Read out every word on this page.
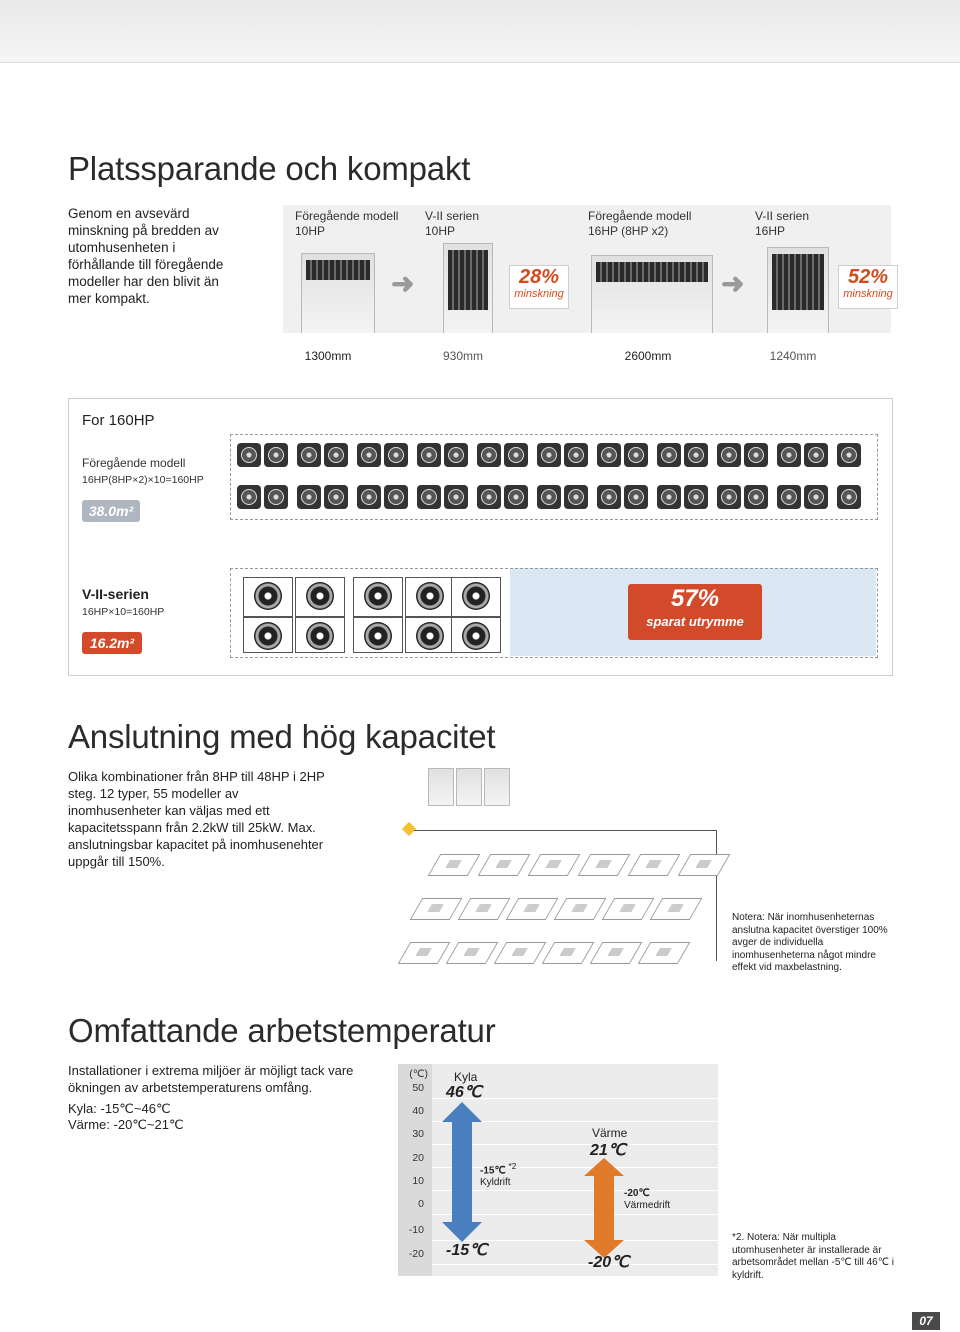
Platssparande och kompakt
Genom en avsevärd minskning på bredden av utomhusenheten i förhållande till föregående modeller har den blivit än mer kompakt.
Föregående modell
10HP
➜
V-II serien
10HP
28%
minskning
Föregående modell
16HP (8HP x2)
➜
V-II serien
16HP
52%
minskning
1300mm	930mm	2600mm	1240mm
For 160HP
Föregående modell
16HP(8HP×2)×10=160HP
38.0m²
V-II-serien
16HP×10=160HP
16.2m²
57%
sparat utrymme
Anslutning med hög kapacitet
Olika kombinationer från 8HP till 48HP i 2HP steg. 12 typer, 55 modeller av inomhusenheter kan väljas med ett kapacitetsspann från 2.2kW till 25kW. Max. anslutningsbar kapacitet på inomhusenehter uppgår till 150%.
Notera: När inomhusenheternas anslutna kapacitet överstiger 100% avger de individuella inomhusenheterna något mindre effekt vid maxbelastning.
Omfattande arbetstemperatur
Installationer i extrema miljöer är möjligt tack vare ökningen av arbetstemperaturens omfång.
Kyla: -15℃~46℃
Värme: -20℃~21℃
(℃)
50
40
30
20
10
0
-10
-20
Kyla
46℃
-15℃
-15℃ $^{*2}$
Kyldrift
Värme
21℃
-20℃
-20℃
Värmedrift
*2. Notera: När multipla utomhusenheter är installerade är arbetsområdet mellan -5℃ till 46℃ i kyldrift.
07
